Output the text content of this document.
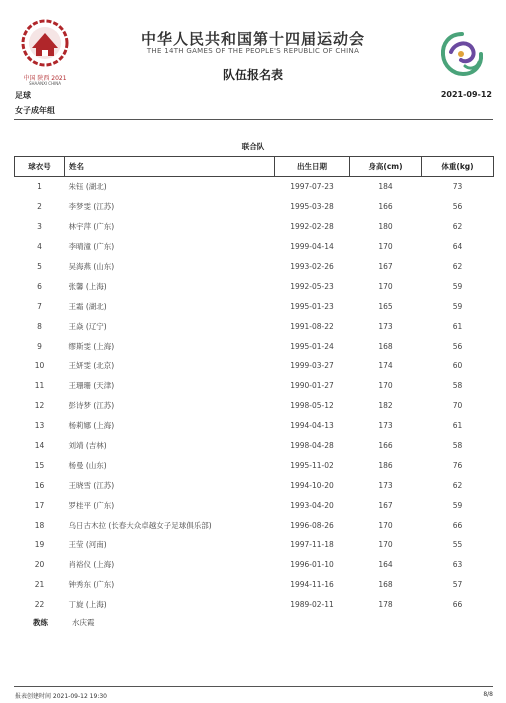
中国 陕西 2021
SHAANXI CHINA
中华人民共和国第十四届运动会
THE 14TH GAMES OF THE PEOPLE'S REPUBLIC OF CHINA
队伍报名表
足球	2021-09-12
女子成年组
联合队
球衣号	姓名	出生日期	身高(cm)	体重(kg)
1	朱钰 (湖北)	1997-07-23	184	73
2	李梦雯 (江苏)	1995-03-28	166	56
3	林宇萍 (广东)	1992-02-28	180	62
4	李晴潼 (广东)	1999-04-14	170	64
5	吴海燕 (山东)	1993-02-26	167	62
6	张馨 (上海)	1992-05-23	170	59
7	王霜 (湖北)	1995-01-23	165	59
8	王焱 (辽宁)	1991-08-22	173	61
9	缪斯雯 (上海)	1995-01-24	168	56
10	王妍雯 (北京)	1999-03-27	174	60
11	王珊珊 (天津)	1990-01-27	170	58
12	彭诗梦 (江苏)	1998-05-12	182	70
13	杨莉娜 (上海)	1994-04-13	173	61
14	刘靖 (吉林)	1998-04-28	166	58
15	杨曼 (山东)	1995-11-02	186	76
16	王晓雪 (江苏)	1994-10-20	173	62
17	罗桂平 (广东)	1993-04-20	167	59
18	乌日古木拉 (长春大众卓越女子足球俱乐部)	1996-08-26	170	66
19	王莹 (河南)	1997-11-18	170	55
20	肖裕仪 (上海)	1996-01-10	164	63
21	钟秀东 (广东)	1994-11-16	168	57
22	丁旋 (上海)	1989-02-11	178	66
教练	水庆霞
报表创建时间 2021-09-12 19:30	8/8
